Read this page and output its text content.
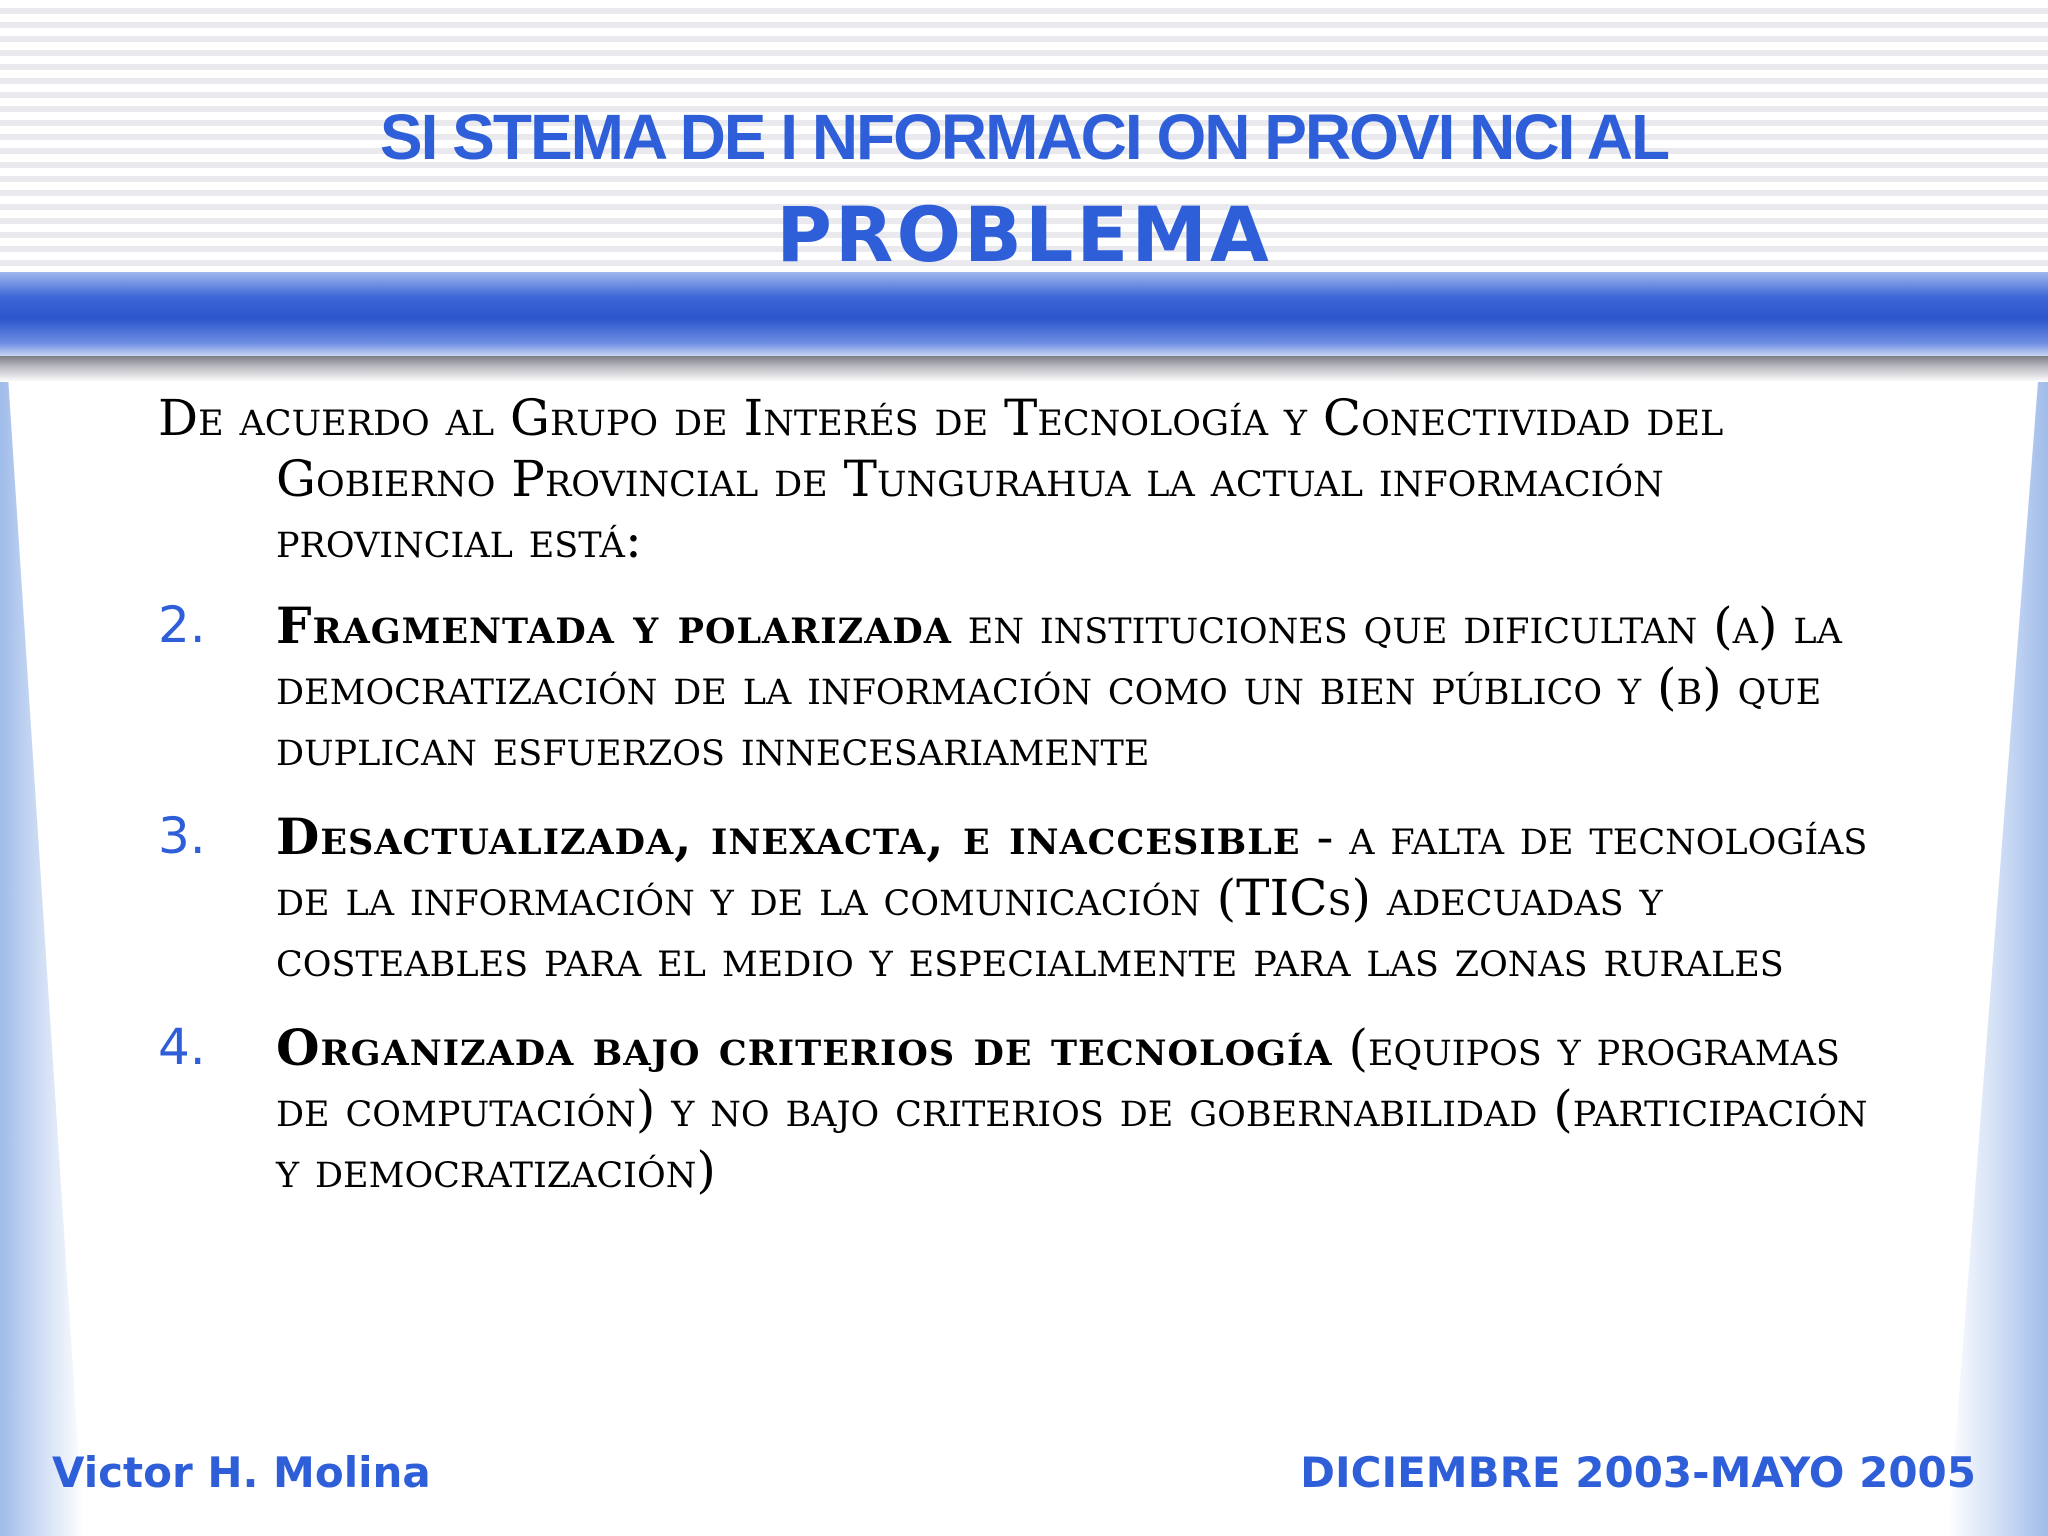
SI STEMA DE I NFORMACI ON PROVI NCI AL
PROBLEMA

De acuerdo al Grupo de Interés de Tecnología y Conectividad del Gobierno Provincial de Tungurahua la actual información provincial está:

2. Fragmentada y polarizada en instituciones que dificultan (a) la democratización de la información como un bien público y (b) que duplican esfuerzos innecesariamente
3. Desactualizada, inexacta, e inaccesible - a falta de tecnologías de la información y de la comunicación (TICs) adecuadas y costeables para el medio y especialmente para las zonas rurales
4. Organizada bajo criterios de tecnología (equipos y programas de computación) y no bajo criterios de gobernabilidad (participación y democratización)
Victor H. Molina	DICIEMBRE 2003-MAYO 2005
